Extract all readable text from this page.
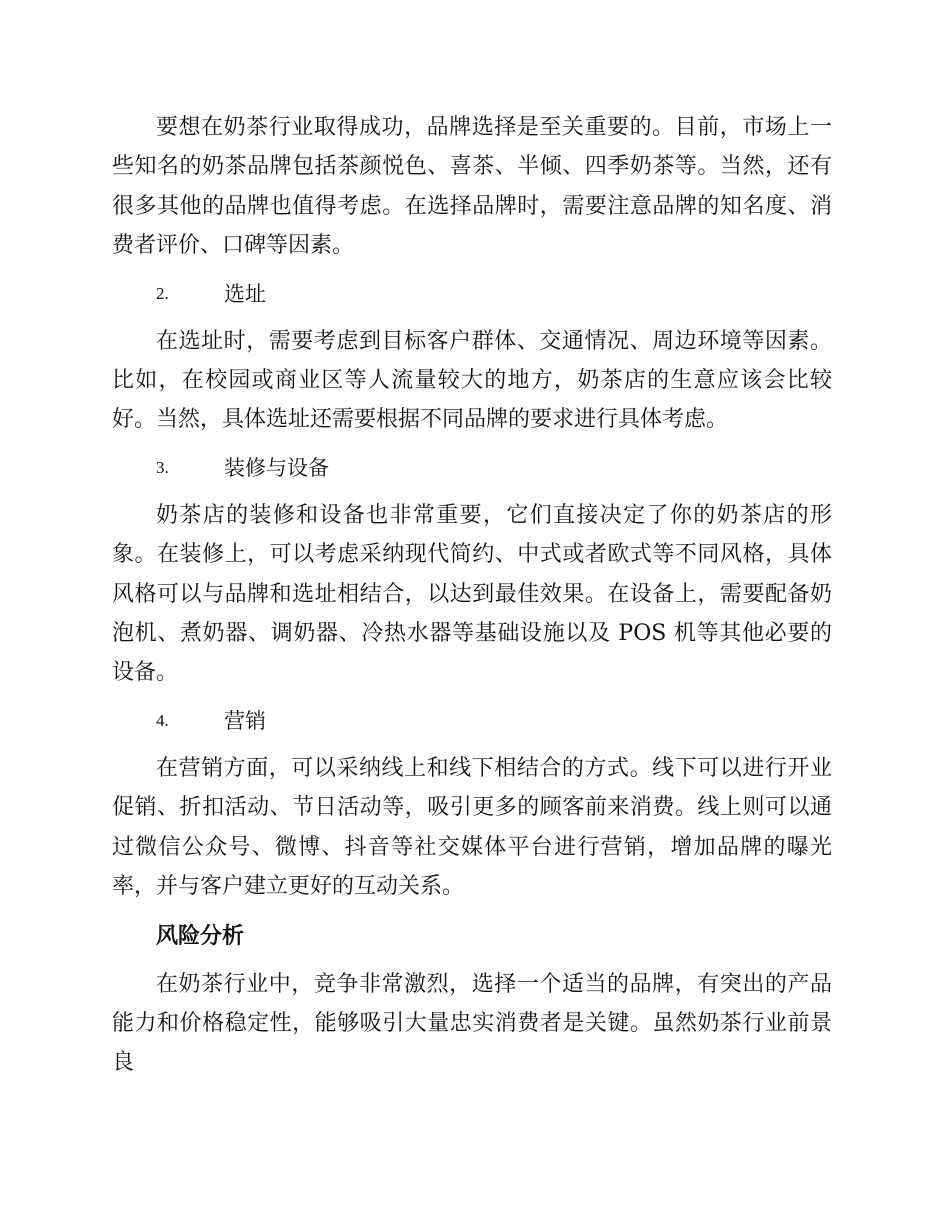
要想在奶茶行业取得成功，品牌选择是至关重要的。目前，市场上一些知名的奶茶品牌包括茶颜悦色、喜茶、半倾、四季奶茶等。当然，还有很多其他的品牌也值得考虑。在选择品牌时，需要注意品牌的知名度、消费者评价、口碑等因素。

2.	选址

在选址时，需要考虑到目标客户群体、交通情况、周边环境等因素。比如，在校园或商业区等人流量较大的地方，奶茶店的生意应该会比较好。当然，具体选址还需要根据不同品牌的要求进行具体考虑。

3.	装修与设备

奶茶店的装修和设备也非常重要，它们直接决定了你的奶茶店的形象。在装修上，可以考虑采纳现代简约、中式或者欧式等不同风格，具体风格可以与品牌和选址相结合，以达到最佳效果。在设备上，需要配备奶泡机、煮奶器、调奶器、冷热水器等基础设施以及 POS 机等其他必要的设备。

4.	营销

在营销方面，可以采纳线上和线下相结合的方式。线下可以进行开业促销、折扣活动、节日活动等，吸引更多的顾客前来消费。线上则可以通过微信公众号、微博、抖音等社交媒体平台进行营销，增加品牌的曝光率，并与客户建立更好的互动关系。

风险分析

在奶茶行业中，竞争非常激烈，选择一个适当的品牌，有突出的产品能力和价格稳定性，能够吸引大量忠实消费者是关键。虽然奶茶行业前景良
